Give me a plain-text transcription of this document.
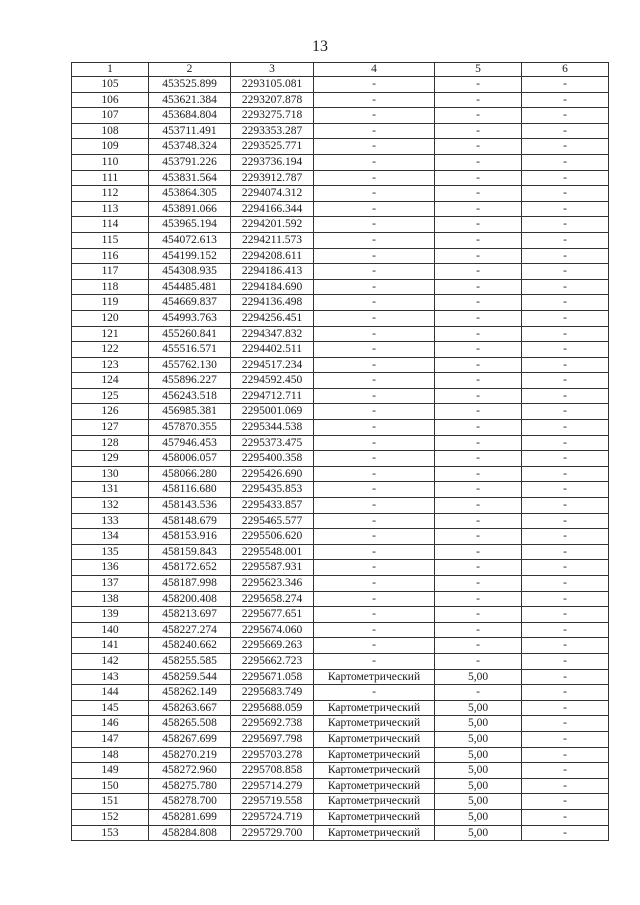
13
1	2	3	4	5	6
105	453525.899	2293105.081	-	-	-
106	453621.384	2293207.878	-	-	-
107	453684.804	2293275.718	-	-	-
108	453711.491	2293353.287	-	-	-
109	453748.324	2293525.771	-	-	-
110	453791.226	2293736.194	-	-	-
111	453831.564	2293912.787	-	-	-
112	453864.305	2294074.312	-	-	-
113	453891.066	2294166.344	-	-	-
114	453965.194	2294201.592	-	-	-
115	454072.613	2294211.573	-	-	-
116	454199.152	2294208.611	-	-	-
117	454308.935	2294186.413	-	-	-
118	454485.481	2294184.690	-	-	-
119	454669.837	2294136.498	-	-	-
120	454993.763	2294256.451	-	-	-
121	455260.841	2294347.832	-	-	-
122	455516.571	2294402.511	-	-	-
123	455762.130	2294517.234	-	-	-
124	455896.227	2294592.450	-	-	-
125	456243.518	2294712.711	-	-	-
126	456985.381	2295001.069	-	-	-
127	457870.355	2295344.538	-	-	-
128	457946.453	2295373.475	-	-	-
129	458006.057	2295400.358	-	-	-
130	458066.280	2295426.690	-	-	-
131	458116.680	2295435.853	-	-	-
132	458143.536	2295433.857	-	-	-
133	458148.679	2295465.577	-	-	-
134	458153.916	2295506.620	-	-	-
135	458159.843	2295548.001	-	-	-
136	458172.652	2295587.931	-	-	-
137	458187.998	2295623.346	-	-	-
138	458200.408	2295658.274	-	-	-
139	458213.697	2295677.651	-	-	-
140	458227.274	2295674.060	-	-	-
141	458240.662	2295669.263	-	-	-
142	458255.585	2295662.723	-	-	-
143	458259.544	2295671.058	Картометрический	5,00	-
144	458262.149	2295683.749	-	-	-
145	458263.667	2295688.059	Картометрический	5,00	-
146	458265.508	2295692.738	Картометрический	5,00	-
147	458267.699	2295697.798	Картометрический	5,00	-
148	458270.219	2295703.278	Картометрический	5,00	-
149	458272.960	2295708.858	Картометрический	5,00	-
150	458275.780	2295714.279	Картометрический	5,00	-
151	458278.700	2295719.558	Картометрический	5,00	-
152	458281.699	2295724.719	Картометрический	5,00	-
153	458284.808	2295729.700	Картометрический	5,00	-
